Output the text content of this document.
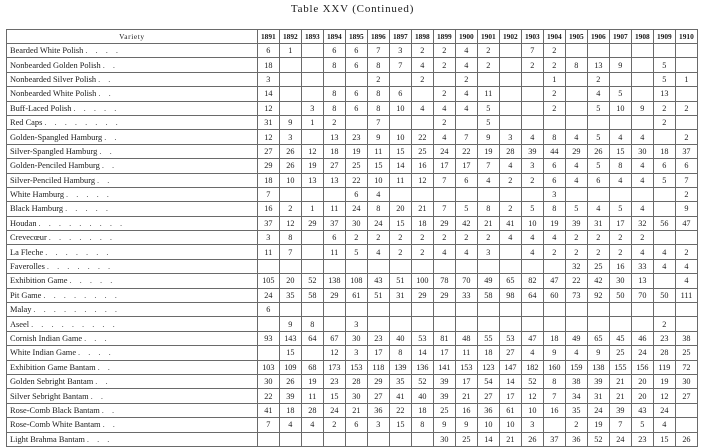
Table XXV (Continued)
Variety	1891	1892	1893	1894	1895	1896	1897	1898	1899	1900	1901	1902	1903	1904	1905	1906	1907	1908	1909	1910
Bearded White Polish . . . .	6	1		6	6	7	3	2	2	4	2		7	2						
Nonbearded Golden Polish . .	18			8	6	8	7	4	2	4	2		2	2	8	13	9		5	
Nonbearded Silver Polish . .	3					2		2		2				1		2			5	1
Nonbearded White Polish . .	14			8	6	8	6		2	4	11			2		4	5		13	
Buff-Laced Polish . . . . .	12		3	8	6	8	10	4	4	4	5			2		5	10	9	2	2
Red Caps . . . . . . . .	31	9	1	2		7			2		5								2	
Golden-Spangled Hamburg . .	12	3		13	23	9	10	22	4	7	9	3	4	8	4	5	4	4		2
Silver-Spangled Hamburg . .	27	26	12	18	19	11	15	25	24	22	19	28	39	44	29	26	15	30	18	37
Golden-Penciled Hamburg . .	29	26	19	27	25	15	14	16	17	17	7	4	3	6	4	5	8	4	6	6
Silver-Penciled Hamburg . .	18	10	13	13	22	10	11	12	7	6	4	2	2	6	4	6	4	4	5	7
White Hamburg . . . . .	7				6	4								3						2
Black Hamburg . . . . .	16	2	1	11	24	8	20	21	7	5	8	2	5	8	5	4	5	4		9
Houdan . . . . . . . . .	37	12	29	37	30	24	15	18	29	42	21	41	10	19	39	31	17	32	56	47
Crevecœur . . . . . . .	3	8		6	2	2	2	2	2	2	2	4	4	4	2	2	2	2		
La Fleche . . . . . . .	11	7		11	5	4	2	2	4	4	3		4	2	2	2	2	4	4	2
Faverolles . . . . . . .															32	25	16	33	4	4
Exhibition Game . . . . .	105	20	52	138	108	43	51	100	78	70	49	65	82	47	22	42	30	13		4
Pit Game . . . . . . . .	24	35	58	29	61	51	31	29	29	33	58	98	64	60	73	92	50	70	50	111
Malay . . . . . . . . .	6																			
Aseel . . . . . . . . .		9	8		3														2	
Cornish Indian Game . . .	93	143	64	67	30	23	40	53	81	48	55	53	47	18	49	65	45	46	23	38
White Indian Game . . . .		15		12	3	17	8	14	17	11	18	27	4	9	4	9	25	24	28	25
Exhibition Game Bantam . .	103	109	68	173	153	118	139	136	141	153	123	147	182	160	159	138	155	156	119	72
Golden Sebright Bantam . .	30	26	19	23	28	29	35	52	39	17	54	14	52	8	38	39	21	20	19	30
Silver Sebright Bantam . .	22	39	11	15	30	27	41	40	39	21	27	17	12	7	34	31	21	20	12	27
Rose-Comb Black Bantam . .	41	18	28	24	21	36	22	18	25	16	36	61	10	16	35	24	39	43	24	
Rose-Comb White Bantam . .	7	4	4	2	6	3	15	8	9	9	10	10	3		2	19	7	5	4	
Light Brahma Bantam . . .									30	25	14	21	26	37	36	52	24	23	15	26
